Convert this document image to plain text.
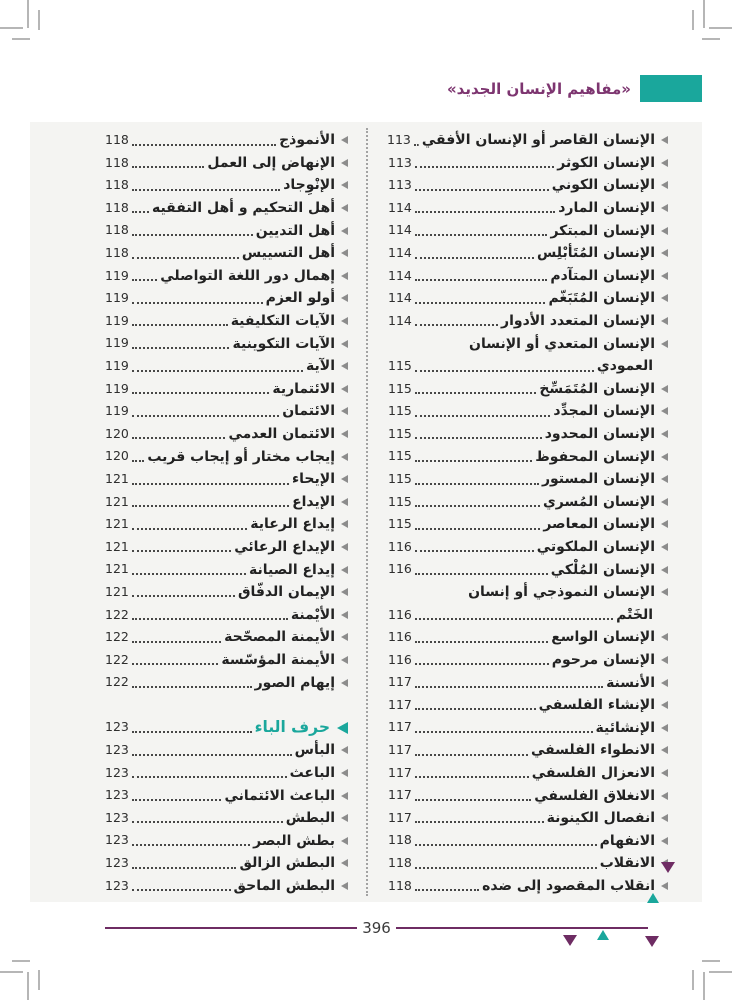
«مفاهيم الإنسان الجديد»
الإنسان القاصر أو الإنسان الأفقي
113
الإنسان الكوثر
113
الإنسان الكوني
113
الإنسان المارد
114
الإنسان المبتكر
114
الإنسان المُتَأبْلِس
114
الإنسان المتآدم
114
الإنسان المُتَبَغّم
114
الإنسان المتعدد الأدوار
114
الإنسان المتعدي أو الإنسان
العمودي
115
الإنسان المُتَمَسِّخ
115
الإنسان المجدِّد
115
الإنسان المحدود
115
الإنسان المحفوظ
115
الإنسان المستور
115
الإنسان المُسري
115
الإنسان المعاصر
115
الإنسان الملكوتي
116
الإنسان المُلْكي
116
الإنسان النموذجي أو إنسان
الخَتْم
116
الإنسان الواسع
116
الإنسان مرحوم
116
الأنسنة
117
الإنشاء الفلسفي
117
الإنشائية
117
الانطواء الفلسفي
117
الانعزال الفلسفي
117
الانغلاق الفلسفي
117
انفصال الكينونة
117
الانفهام
118
الانقلاب
118
انقلاب المقصود إلى ضده
118
الأنموذج
118
الإنهاض إلى العمل
118
الإنْوِجاد
118
أهل التحكيم و أهل التفقيه
118
أهل التديين
118
أهل التسييس
118
إهمال دور اللغة التواصلي
119
أولو العزم
119
الآيات التكليفية
119
الآيات التكوينية
119
الآية
119
الائتمارية
119
الائتمان
119
الائتمان العدمي
120
إيجاب مختار أو إيجاب قريب
120
الإيحاء
121
الإيداع
121
إيداع الرعاية
121
الإيداع الرعائي
121
إيداع الصيانة
121
الإيمان الدفّاق
121
الأيْمنة
122
الأيمنة المصحّحة
122
الأيمنة المؤسّسة
122
إيهام الصور
122
حرف الباء
123
البأس
123
الباعث
123
الباعث الائتماني
123
البطش
123
بطش البصر
123
البطش الزالق
123
البطش الماحق
123
396
